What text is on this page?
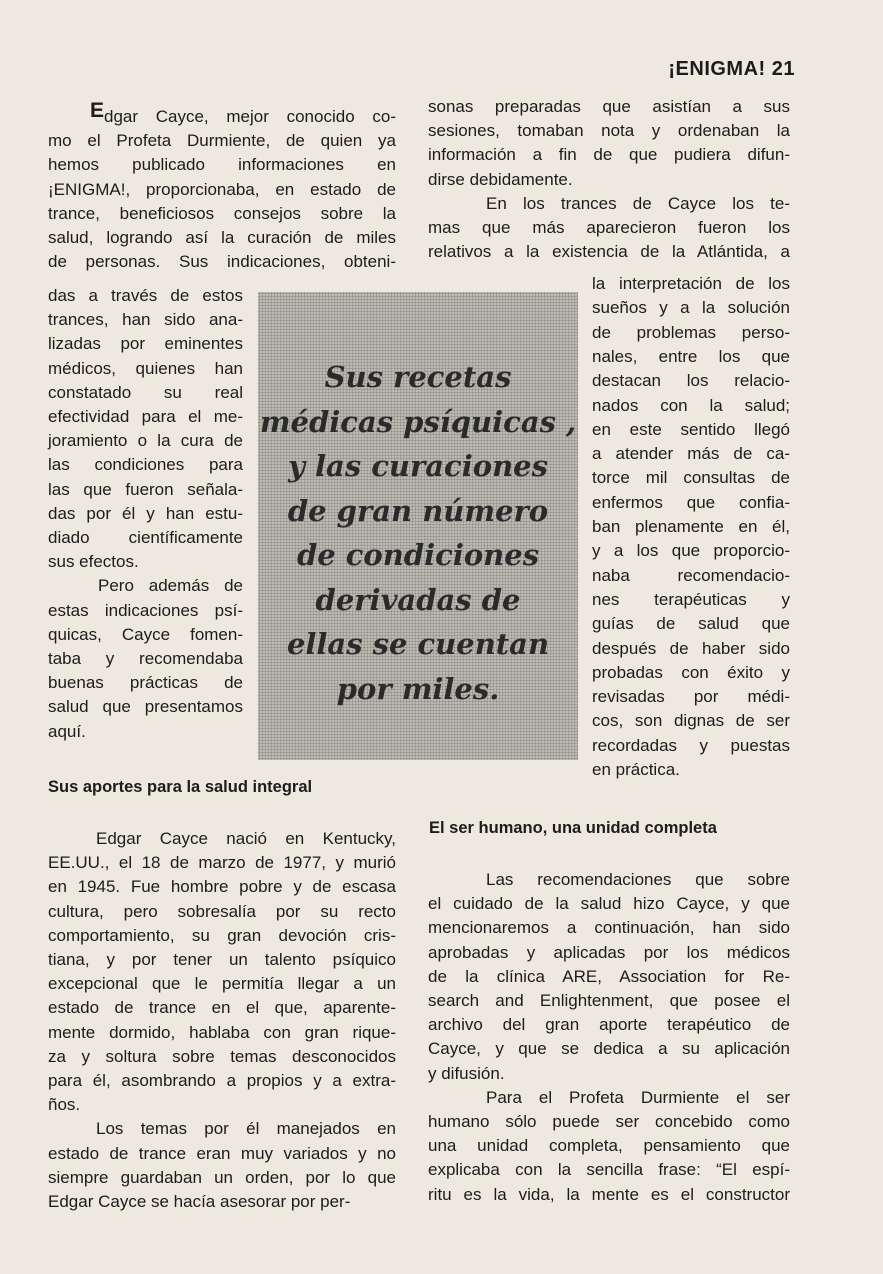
¡ENIGMA! 21
E dgar Cayce, mejor conocido co-
mo el Profeta Durmiente, de quien ya
hemos publicado informaciones en
¡ENIGMA!, proporcionaba, en estado de
trance, beneficiosos consejos sobre la
salud, logrando así la curación de miles
de personas. Sus indicaciones, obteni-
das a través de estos
trances, han sido ana-
lizadas por eminentes
médicos, quienes han
constatado su real
efectividad para el me-
joramiento o la cura de
las condiciones para
las que fueron señala-
das por él y han estu-
diado científicamente
sus efectos.
Pero además de
estas indicaciones psí-
quicas, Cayce fomen-
taba y recomendaba
buenas prácticas de
salud que presentamos
aquí.
Edgar Cayce nació en Kentucky,
EE.UU., el 18 de marzo de 1977, y murió
en 1945. Fue hombre pobre y de escasa
cultura, pero sobresalía por su recto
comportamiento, su gran devoción cris-
tiana, y por tener un talento psíquico
excepcional que le permitía llegar a un
estado de trance en el que, aparente-
mente dormido, hablaba con gran rique-
za y soltura sobre temas desconocidos
para él, asombrando a propios y a extra-
ños.
Los temas por él manejados en
estado de trance eran muy variados y no
siempre guardaban un orden, por lo que
Edgar Cayce se hacía asesorar por per-
sonas preparadas que asistían a sus
sesiones, tomaban nota y ordenaban la
información a fin de que pudiera difun-
dirse debidamente.
En los trances de Cayce los te-
mas que más aparecieron fueron los
relativos a la existencia de la Atlántida, a
la interpretación de los
sueños y a la solución
de problemas perso-
nales, entre los que
destacan los relacio-
nados con la salud;
en este sentido llegó
a atender más de ca-
torce mil consultas de
enfermos que confia-
ban plenamente en él,
y a los que proporcio-
naba recomendacio-
nes terapéuticas y
guías de salud que
después de haber sido
probadas con éxito y
revisadas por médi-
cos, son dignas de ser
recordadas y puestas
en práctica.
Las recomendaciones que sobre
el cuidado de la salud hizo Cayce, y que
mencionaremos a continuación, han sido
aprobadas y aplicadas por los médicos
de la clínica ARE, Association for Re-
search and Enlightenment, que posee el
archivo del gran aporte terapéutico de
Cayce, y que se dedica a su aplicación
y difusión.
Para el Profeta Durmiente el ser
humano sólo puede ser concebido como
una unidad completa, pensamiento que
explicaba con la sencilla frase: “El espí-
ritu es la vida, la mente es el constructor
Sus recetas
médicas psíquicas ,
y las curaciones
de gran número
de condiciones
derivadas de
ellas se cuentan
por miles.
Sus aportes para la salud integral
El ser humano, una unidad completa
